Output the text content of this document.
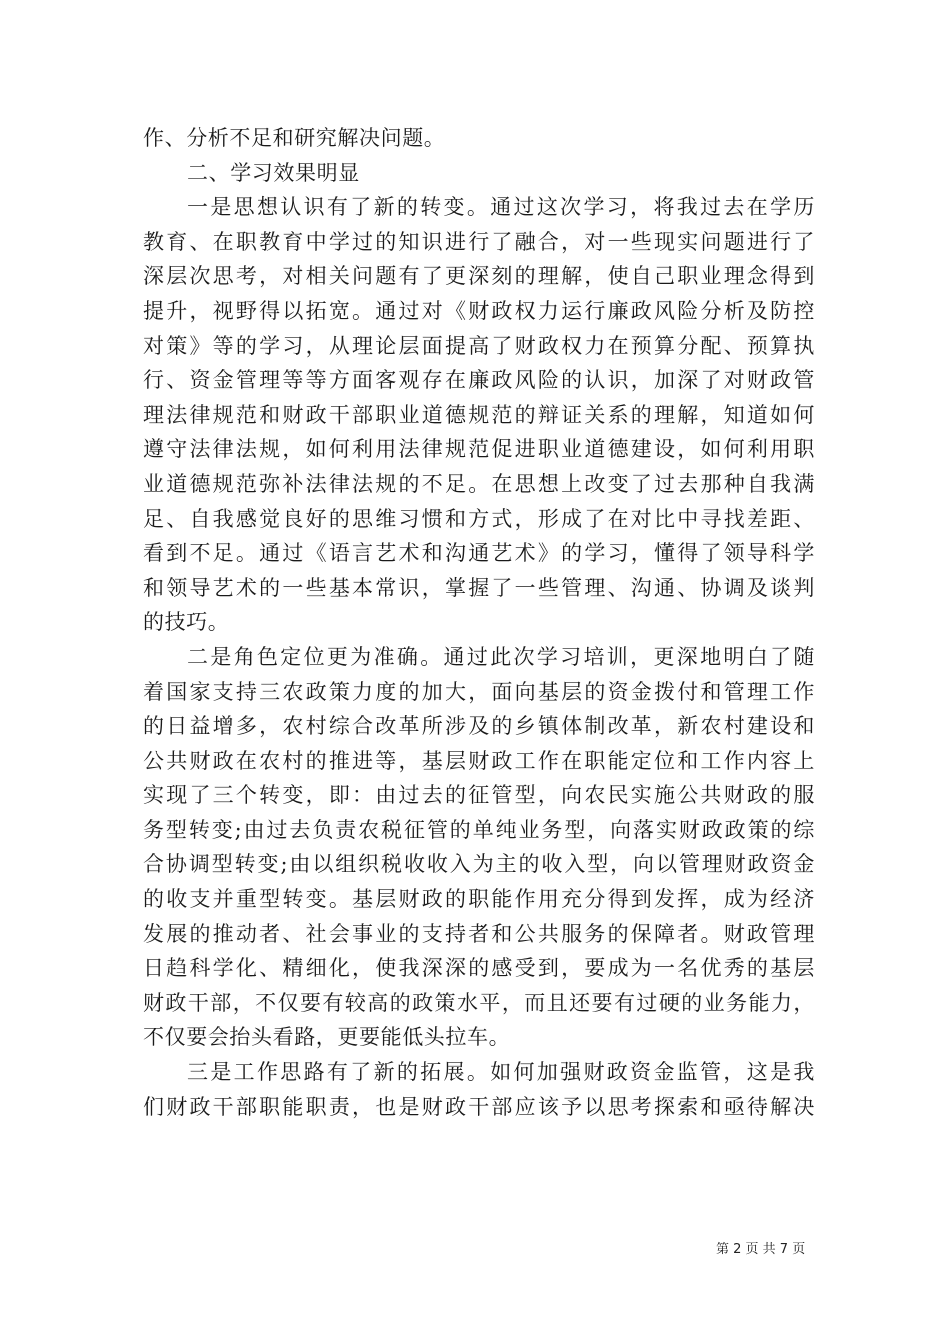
作、分析不足和研究解决问题。
二、学习效果明显
一是思想认识有了新的转变。通过这次学习，将我过去在学历
教育、在职教育中学过的知识进行了融合，对一些现实问题进行了
深层次思考，对相关问题有了更深刻的理解，使自己职业理念得到
提升，视野得以拓宽。通过对《财政权力运行廉政风险分析及防控
对策》等的学习，从理论层面提高了财政权力在预算分配、预算执
行、资金管理等等方面客观存在廉政风险的认识，加深了对财政管
理法律规范和财政干部职业道德规范的辩证关系的理解，知道如何
遵守法律法规，如何利用法律规范促进职业道德建设，如何利用职
业道德规范弥补法律法规的不足。在思想上改变了过去那种自我满
足、自我感觉良好的思维习惯和方式，形成了在对比中寻找差距、
看到不足。通过《语言艺术和沟通艺术》的学习，懂得了领导科学
和领导艺术的一些基本常识，掌握了一些管理、沟通、协调及谈判
的技巧。
二是角色定位更为准确。通过此次学习培训，更深地明白了随
着国家支持三农政策力度的加大，面向基层的资金拨付和管理工作
的日益增多，农村综合改革所涉及的乡镇体制改革，新农村建设和
公共财政在农村的推进等，基层财政工作在职能定位和工作内容上
实现了三个转变，即：由过去的征管型，向农民实施公共财政的服
务型转变;由过去负责农税征管的单纯业务型，向落实财政政策的综
合协调型转变;由以组织税收收入为主的收入型，向以管理财政资金
的收支并重型转变。基层财政的职能作用充分得到发挥，成为经济
发展的推动者、社会事业的支持者和公共服务的保障者。财政管理
日趋科学化、精细化，使我深深的感受到，要成为一名优秀的基层
财政干部，不仅要有较高的政策水平，而且还要有过硬的业务能力，
不仅要会抬头看路，更要能低头拉车。
三是工作思路有了新的拓展。如何加强财政资金监管，这是我
们财政干部职能职责，也是财政干部应该予以思考探索和亟待解决
第 2 页 共 7 页
